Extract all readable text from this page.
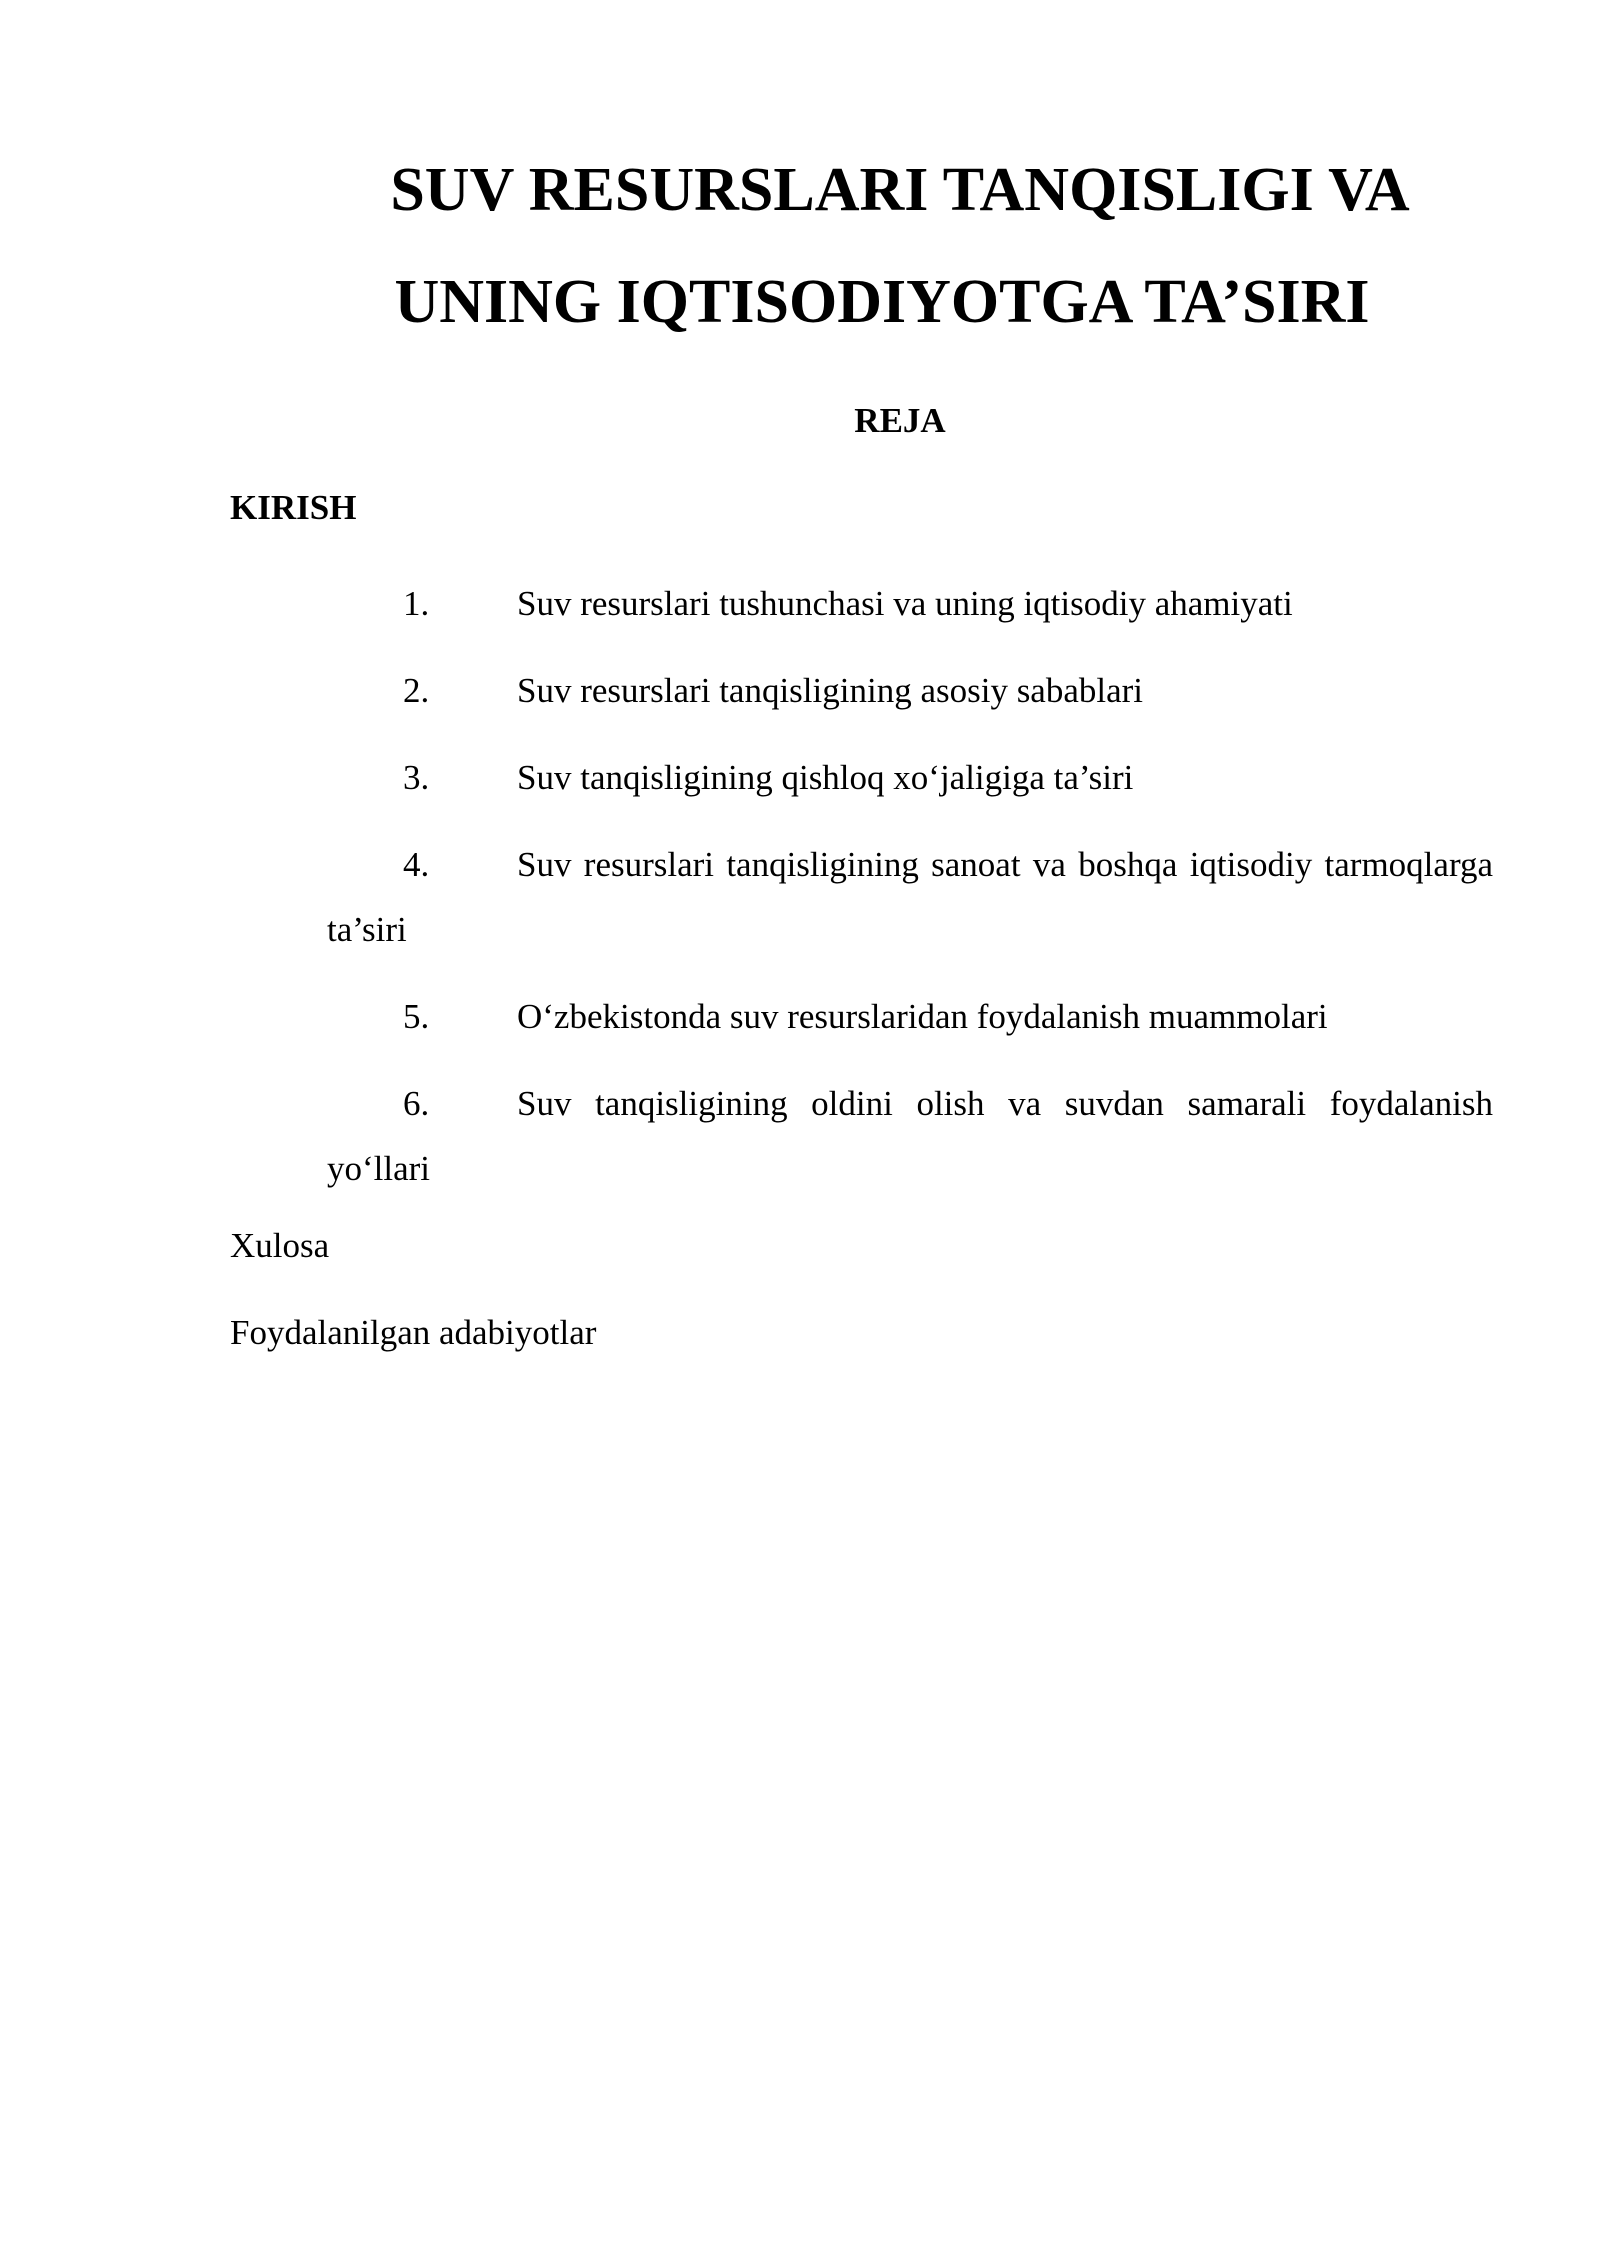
SUV RESURSLARI TANQISLIGI VA
UNING IQTISODIYOTGA TA’SIRI
REJA
KIRISH
1.	Suv resurslari tushunchasi va uning iqtisodiy ahamiyati
2.	Suv resurslari tanqisligining asosiy sabablari
3.	Suv tanqisligining qishloq xo‘jaligiga ta’siri
4.	Suv resurslari tanqisligining sanoat va boshqa iqtisodiy tarmoqlarga ta’siri
5.	O‘zbekistonda suv resurslaridan foydalanish muammolari
6.	Suv tanqisligining oldini olish va suvdan samarali foydalanish yo‘llari
Xulosa
Foydalanilgan adabiyotlar
